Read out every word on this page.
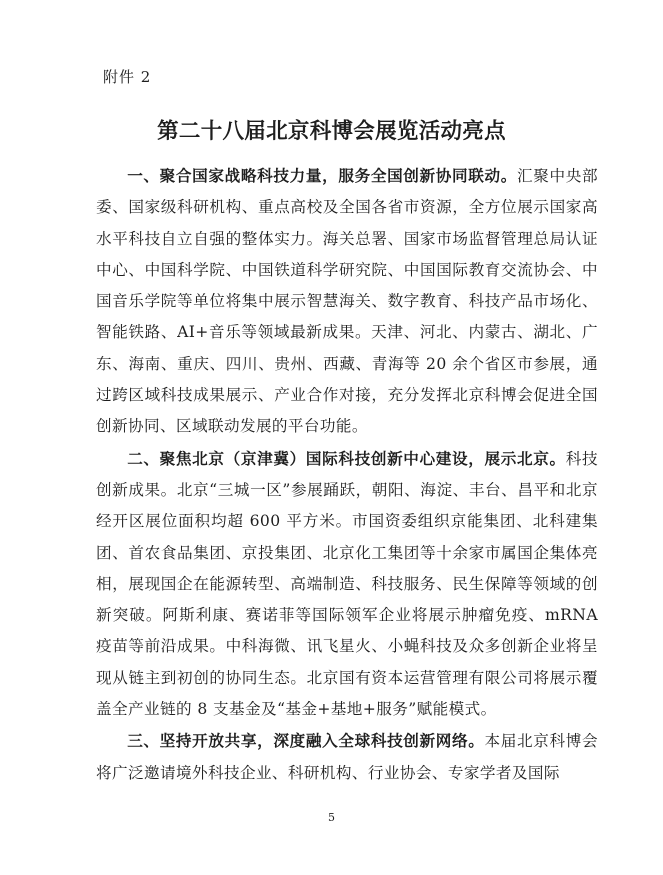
附件 2
第二十八届北京科博会展览活动亮点

一、聚合国家战略科技力量，服务全国创新协同联动。汇聚中央部委、国家级科研机构、重点高校及全国各省市资源，全方位展示国家高水平科技自立自强的整体实力。海关总署、国家市场监督管理总局认证中心、中国科学院、中国铁道科学研究院、中国国际教育交流协会、中国音乐学院等单位将集中展示智慧海关、数字教育、科技产品市场化、智能铁路、AI+音乐等领域最新成果。天津、河北、内蒙古、湖北、广东、海南、重庆、四川、贵州、西藏、青海等 20 余个省区市参展，通过跨区域科技成果展示、产业合作对接，充分发挥北京科博会促进全国创新协同、区域联动发展的平台功能。

二、聚焦北京（京津冀）国际科技创新中心建设，展示北京。科技创新成果。北京“三城一区”参展踊跃，朝阳、海淀、丰台、昌平和北京经开区展位面积均超 600 平方米。市国资委组织京能集团、北科建集团、首农食品集团、京投集团、北京化工集团等十余家市属国企集体亮相，展现国企在能源转型、高端制造、科技服务、民生保障等领域的创新突破。阿斯利康、赛诺菲等国际领军企业将展示肿瘤免疫、mRNA 疫苗等前沿成果。中科海微、讯飞星火、小蝇科技及众多创新企业将呈现从链主到初创的协同生态。北京国有资本运营管理有限公司将展示覆盖全产业链的 8 支基金及“基金+基地+服务”赋能模式。

三、坚持开放共享，深度融入全球科技创新网络。本届北京科博会将广泛邀请境外科技企业、科研机构、行业协会、专家学者及国际

5
